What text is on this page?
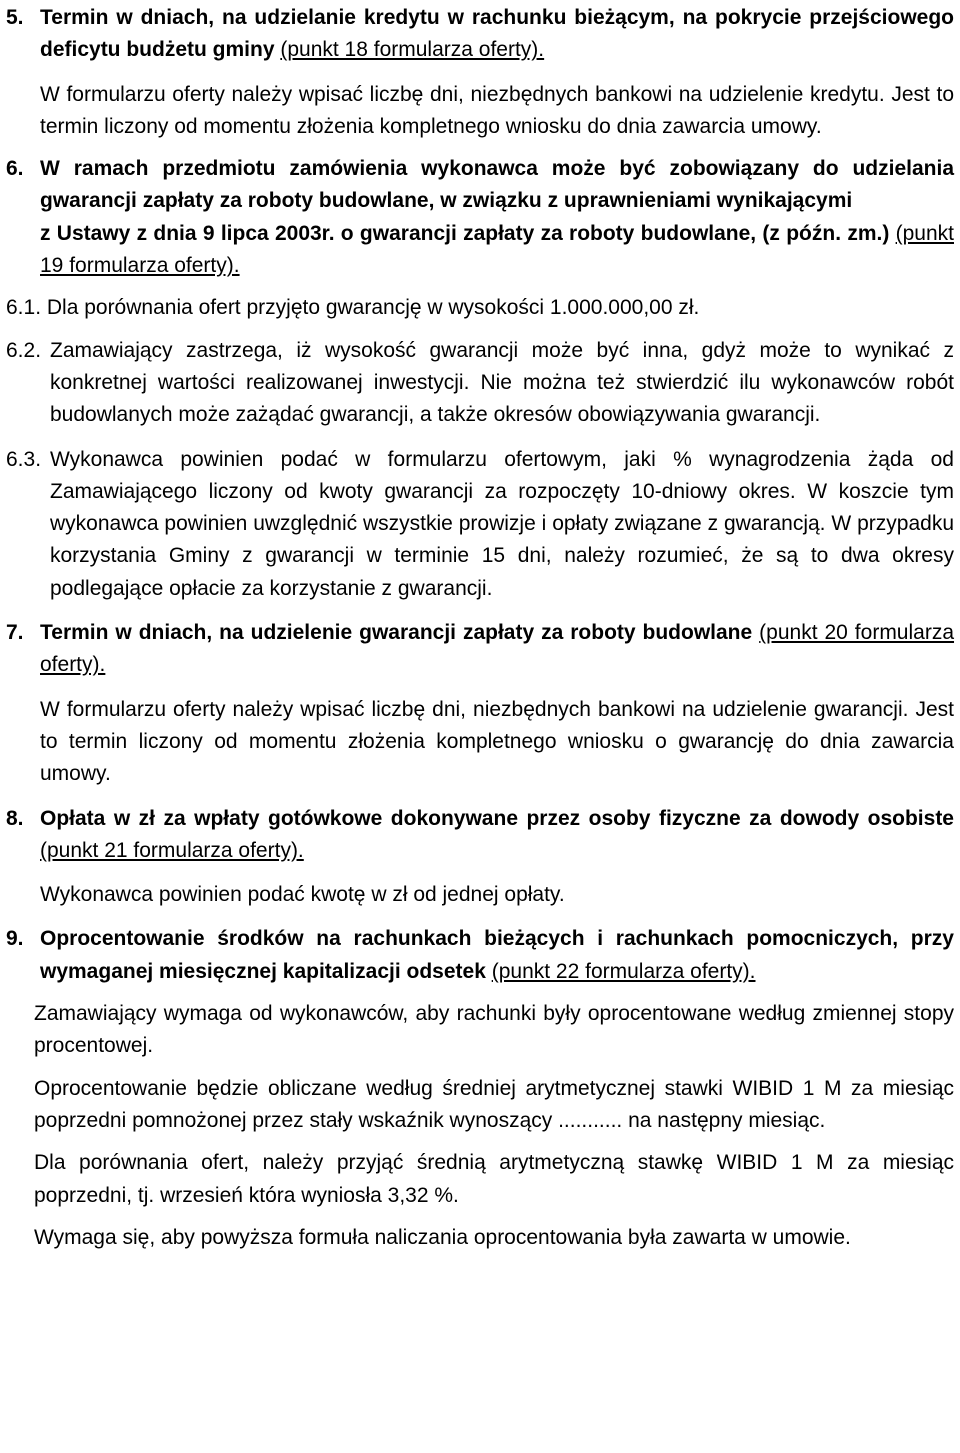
5. Termin w dniach, na udzielanie kredytu w rachunku bieżącym, na pokrycie przejściowego deficytu budżetu gminy (punkt 18 formularza oferty).

W formularzu oferty należy wpisać liczbę dni, niezbędnych bankowi na udzielenie kredytu. Jest to termin liczony od momentu złożenia kompletnego wniosku do dnia zawarcia umowy.

6. W ramach przedmiotu zamówienia wykonawca może być zobowiązany do udzielania gwarancji zapłaty za roboty budowlane, w związku z uprawnieniami wynikającymi

z Ustawy z dnia 9 lipca 2003r. o gwarancji zapłaty za roboty budowlane, (z późn. zm.) (punkt 19 formularza oferty).

6.1. Dla porównania ofert przyjęto gwarancję w wysokości 1.000.000,00 zł.

6.2. Zamawiający zastrzega, iż wysokość gwarancji może być inna, gdyż może to wynikać z konkretnej wartości realizowanej inwestycji. Nie można też stwierdzić ilu wykonawców robót budowlanych może zażądać gwarancji, a także okresów obowiązywania gwarancji.

6.3. Wykonawca powinien podać w formularzu ofertowym, jaki % wynagrodzenia żąda od Zamawiającego liczony od kwoty gwarancji za rozpoczęty 10-dniowy okres. W koszcie tym wykonawca powinien uwzględnić wszystkie prowizje i opłaty związane z gwarancją. W przypadku korzystania Gminy z gwarancji w terminie 15 dni, należy rozumieć, że są to dwa okresy podlegające opłacie za korzystanie z gwarancji.

7. Termin w dniach, na udzielenie gwarancji zapłaty za roboty budowlane (punkt 20 formularza oferty).

W formularzu oferty należy wpisać liczbę dni, niezbędnych bankowi na udzielenie gwarancji. Jest to termin liczony od momentu złożenia kompletnego wniosku o gwarancję do dnia zawarcia umowy.

8. Opłata w zł za wpłaty gotówkowe dokonywane przez osoby fizyczne za dowody osobiste (punkt 21 formularza oferty).

Wykonawca powinien podać kwotę w zł od jednej opłaty.

9. Oprocentowanie środków na rachunkach bieżących i rachunkach pomocniczych, przy wymaganej miesięcznej kapitalizacji odsetek (punkt 22 formularza oferty).

Zamawiający wymaga od wykonawców, aby rachunki były oprocentowane według zmiennej stopy procentowej.

Oprocentowanie będzie obliczane według średniej arytmetycznej stawki WIBID 1 M za miesiąc poprzedni pomnożonej przez stały wskaźnik wynoszący ........... na następny miesiąc.

Dla porównania ofert, należy przyjąć średnią arytmetyczną stawkę WIBID 1 M za miesiąc poprzedni, tj. wrzesień która wyniosła 3,32 %.

Wymaga się, aby powyższa formuła naliczania oprocentowania była zawarta w umowie.
